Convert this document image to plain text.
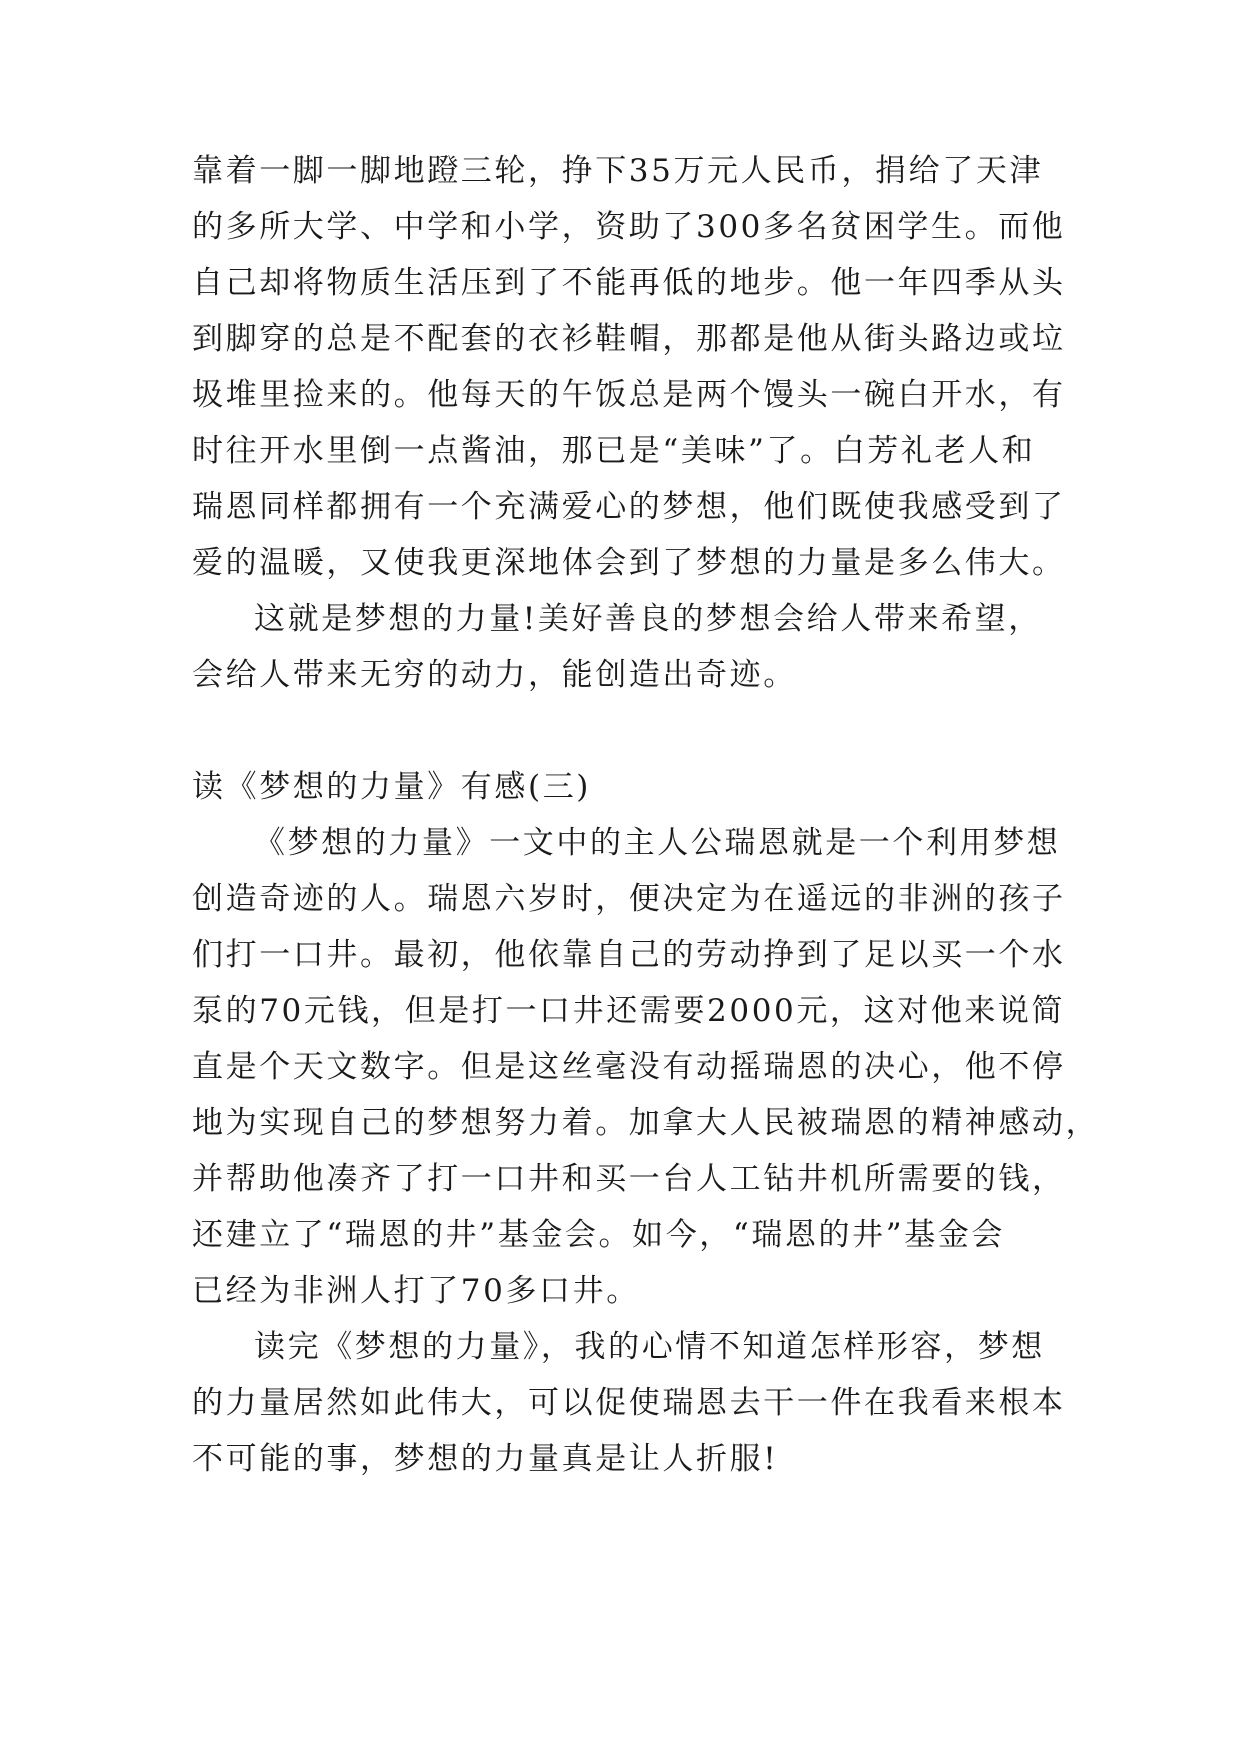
靠着一脚一脚地蹬三轮，挣下35万元人民币，捐给了天津
的多所大学、中学和小学，资助了300多名贫困学生。而他
自己却将物质生活压到了不能再低的地步。他一年四季从头
到脚穿的总是不配套的衣衫鞋帽，那都是他从街头路边或垃
圾堆里捡来的。他每天的午饭总是两个馒头一碗白开水，有
时往开水里倒一点酱油，那已是“美味”了。白芳礼老人和
瑞恩同样都拥有一个充满爱心的梦想，他们既使我感受到了
爱的温暖，又使我更深地体会到了梦想的力量是多么伟大。
这就是梦想的力量!美好善良的梦想会给人带来希望，
会给人带来无穷的动力，能创造出奇迹。
读《梦想的力量》有感(三)
《梦想的力量》一文中的主人公瑞恩就是一个利用梦想
创造奇迹的人。瑞恩六岁时，便决定为在遥远的非洲的孩子
们打一口井。最初，他依靠自己的劳动挣到了足以买一个水
泵的70元钱，但是打一口井还需要2000元，这对他来说简
直是个天文数字。但是这丝毫没有动摇瑞恩的决心，他不停
地为实现自己的梦想努力着。加拿大人民被瑞恩的精神感动，
并帮助他凑齐了打一口井和买一台人工钻井机所需要的钱，
还建立了“瑞恩的井”基金会。如今，“瑞恩的井”基金会
已经为非洲人打了70多口井。
读完《梦想的力量》，我的心情不知道怎样形容，梦想
的力量居然如此伟大，可以促使瑞恩去干一件在我看来根本
不可能的事，梦想的力量真是让人折服!
